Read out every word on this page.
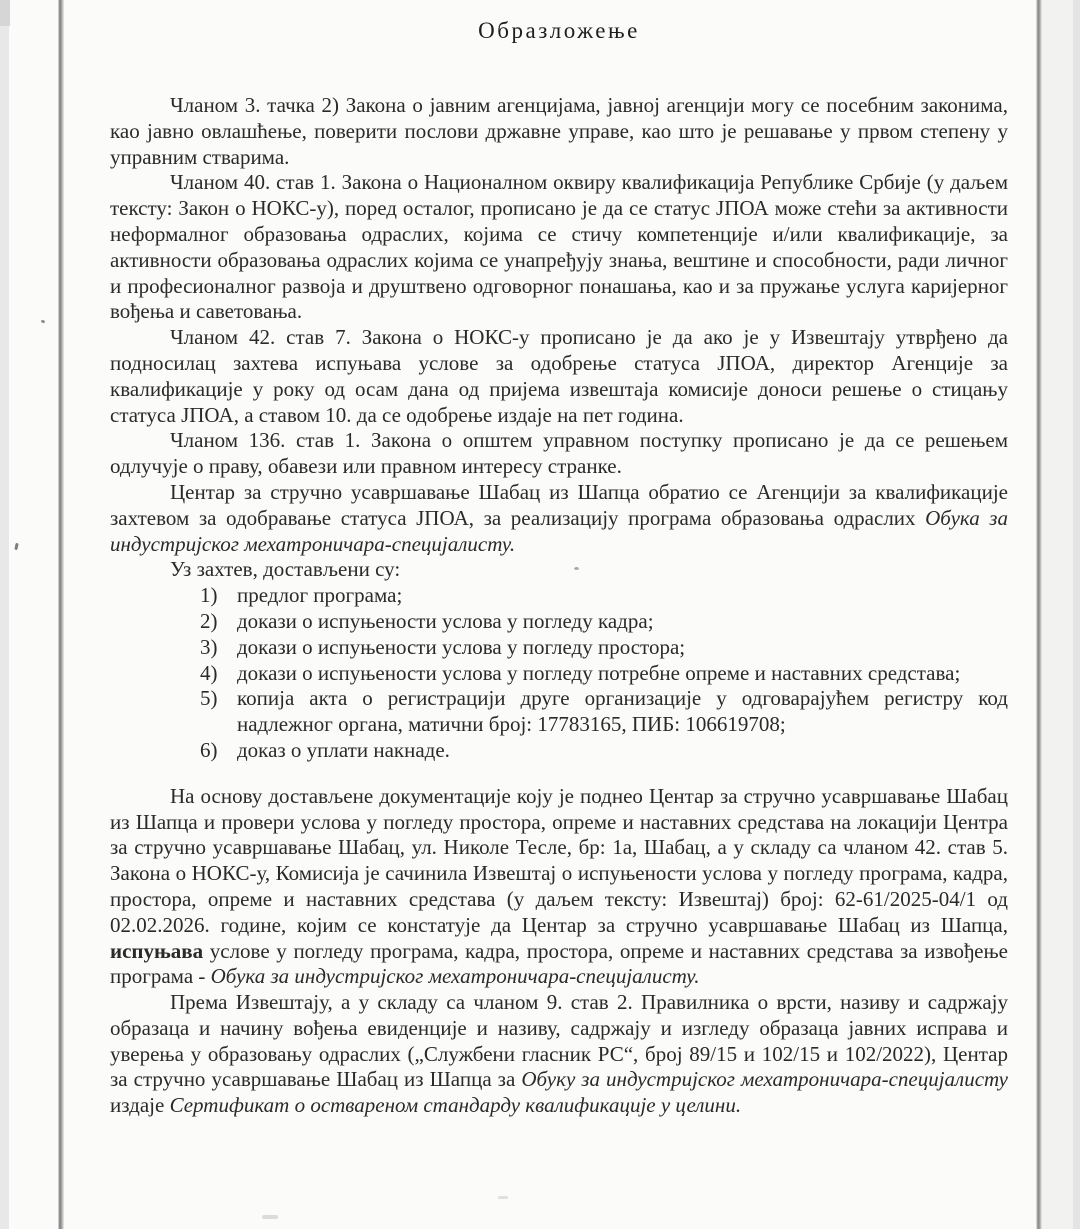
Образложење
Чланом 3. тачка 2) Закона о јавним агенцијама, јавној агенцији могу се посебним законима, као јавно овлашћење, поверити послови државне управе, као што је решавање у првом степену у управним стварима.
Чланом 40. став 1. Закона о Националном оквиру квалификација Републике Србије (у даљем тексту: Закон о НОКС-у), поред осталог, прописано је да се статус ЈПОА може стећи за активности неформалног образовања одраслих, којима се стичу компетенције и/или квалификације, за активности образовања одраслих којима се унапређују знања, вештине и способности, ради личног и професионалног развоја и друштвено одговорног понашања, као и за пружање услуга каријерног вођења и саветовања.
Чланом 42. став 7. Закона о НОКС-у прописано је да ако је у Извештају утврђено да подносилац захтева испуњава услове за одобрење статуса ЈПОА, директор Агенције за квалификације у року од осам дана од пријема извештаја комисије доноси решење о стицању статуса ЈПОА, а ставом 10. да се одобрење издаје на пет година.
Чланом 136. став 1. Закона о општем управном поступку прописано је да се решењем одлучује о праву, обавези или правном интересу странке.
Центар за стручно усавршавање Шабац из Шапца обратио се Агенцији за квалификације захтевом за одобравање статуса ЈПОА, за реализацију програма образовања одраслих Обука за индустријског мехатроничара-специјалисту.
Уз захтев, достављени су:
1) предлог програма;
2) докази о испуњености услова у погледу кадра;
3) докази о испуњености услова у погледу простора;
4) докази о испуњености услова у погледу потребне опреме и наставних средстава;
5) копија акта о регистрацији друге организације у одговарајућем регистру код надлежног органа, матични број: 17783165, ПИБ: 106619708;
6) доказ о уплати накнаде.
На основу достављене документације коју је поднео Центар за стручно усавршавање Шабац из Шапца и провери услова у погледу простора, опреме и наставних средстава на локацији Центра за стручно усавршавање Шабац, ул. Николе Тесле, бр: 1а, Шабац, а у складу са чланом 42. став 5. Закона о НОКС-у, Комисија је сачинила Извештај о испуњености услова у погледу програма, кадра, простора, опреме и наставних средстава (у даљем тексту: Извештај) број: 62-61/2025-04/1 од 02.02.2026. године, којим се констатује да Центар за стручно усавршавање Шабац из Шапца, испуњава услове у погледу програма, кадра, простора, опреме и наставних средстава за извођење програма - Обука за индустријског мехатроничара-специјалисту.
Према Извештају, а у складу са чланом 9. став 2. Правилника о врсти, називу и садржају образаца и начину вођења евиденције и називу, садржају и изгледу образаца јавних исправа и уверења у образовању одраслих („Службени гласник РС“, број 89/15 и 102/15 и 102/2022), Центар за стручно усавршавање Шабац из Шапца за Обуку за индустријског мехатроничара-специјалисту издаје Сертификат о оствареном стандарду квалификације у целини.
